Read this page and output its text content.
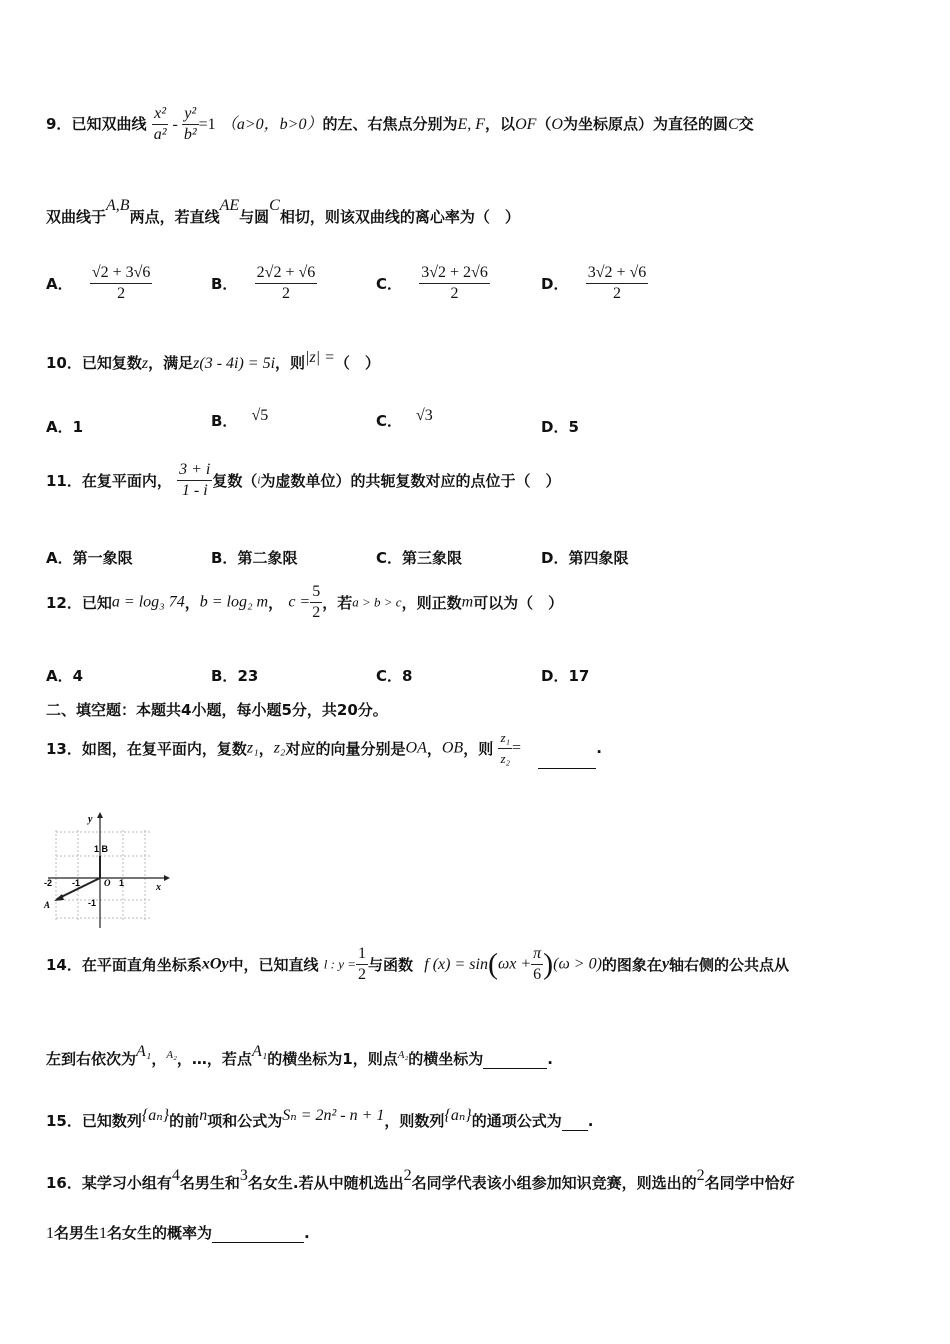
9．已知双曲线 $\frac{\text{x²}}{\text{a²}} - \frac{\text{y²}}{\text{b²}} =1$ （a>0，b>0）的左、右焦点分别为E, F，以OF（O为坐标原点）为直径的圆C交
双曲线于A,B两点，若直线AE与圆C相切，则该双曲线的离心率为（　）
A． $\frac{√2 + 3√6}{2}$	B． $\frac{2√2 + √6}{2}$	C． $\frac{3√2 + 2√6}{2}$	D． $\frac{3√2 + √6}{2}$
10．已知复数z，满足z(3 - 4i) = 5i，则|z| =（　）
A．1	B． √5	C． √3
D．5
11．在复平面内， $\frac{3 + i}{1 - i}$ 复数（i为虚数单位）的共轭复数对应的点位于（　）
A．第一象限	B．第二象限	C．第三象限	D．第四象限
12．已知a = log₃ 74，b = log₂ m， $c = \frac{5}{2}$ ，若a > b > c，则正数m可以为（　）
A．4	B．23	C．8	D．17
二、填空题：本题共4小题，每小题5分，共20分。
13．如图，在复平面内，复数z₁，z₂对应的向量分别是OA，OB，则 $\frac{\text{z₁}}{\text{z₂}}$ =	.
y
x
1 B
O
-2 -1	1
-1
A
14．在平面直角坐标系xOy中，已知直线 l : $y = \frac{1}{2}$ 与函数 f $(x) = \sin(\omega x + \frac{\pi}{6} )(\omega > 0)$的图象在y轴右侧的公共点从
左到右依次为A₁，$^{A_2}$，…，若点A₁的横坐标为1，则点$^{A_2}$的横坐标为	.
15．已知数列{aₙ}的前n项和公式为Sₙ = 2n² - n + 1，则数列{aₙ}的通项公式为 .
16．某学习小组有4名男生和3名女生.若从中随机选出2名同学代表该小组参加知识竞赛，则选出的2名同学中恰好
1名男生1名女生的概率为	.
